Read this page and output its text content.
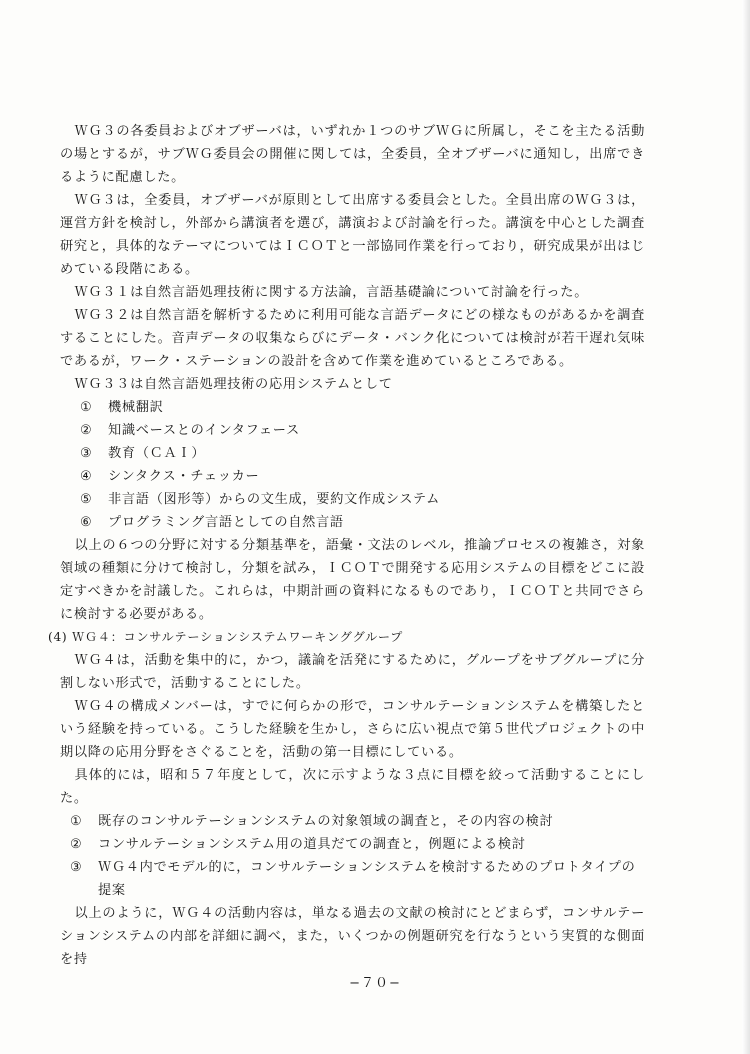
ＷＧ３の各委員およびオブザーバは，いずれか１つのサブＷＧに所属し，そこを主たる活動の場とするが，サブＷＧ委員会の開催に関しては，全委員，全オブザーバに通知し，出席できるように配慮した。

ＷＧ３は，全委員，オブザーバが原則として出席する委員会とした。全員出席のＷＧ３は，運営方針を検討し，外部から講演者を選び，講演および討論を行った。講演を中心とした調査研究と，具体的なテーマについてはＩＣＯＴと一部協同作業を行っており，研究成果が出はじめている段階にある。

ＷＧ３１は自然言語処理技術に関する方法論，言語基礎論について討論を行った。

ＷＧ３２は自然言語を解析するために利用可能な言語データにどの様なものがあるかを調査することにした。音声データの収集ならびにデータ・バンク化については検討が若干遅れ気味であるが，ワーク・ステーションの設計を含めて作業を進めているところである。

ＷＧ３３は自然言語処理技術の応用システムとして

①	機械翻訳
②	知識ベースとのインタフェース
③	教育（ＣＡＩ）
④	シンタクス・チェッカー
⑤	非言語（図形等）からの文生成，要約文作成システム
⑥	プログラミング言語としての自然言語

以上の６つの分野に対する分類基準を，語彙・文法のレベル，推論プロセスの複雑さ，対象領域の種類に分けて検討し，分類を試み，ＩＣＯＴで開発する応用システムの目標をどこに設定すべきかを討議した。これらは，中期計画の資料になるものであり，ＩＣＯＴと共同でさらに検討する必要がある。

(4) ＷＧ４：コンサルテーションシステムワーキンググループ

ＷＧ４は，活動を集中的に，かつ，議論を活発にするために，グループをサブグループに分割しない形式で，活動することにした。

ＷＧ４の構成メンバーは，すでに何らかの形で，コンサルテーションシステムを構築したという経験を持っている。こうした経験を生かし，さらに広い視点で第５世代プロジェクトの中期以降の応用分野をさぐることを，活動の第一目標にしている。

具体的には，昭和５７年度として，次に示すような３点に目標を絞って活動することにした。

①	既存のコンサルテーションシステムの対象領域の調査と，その内容の検討
②	コンサルテーションシステム用の道具だての調査と，例題による検討
③	ＷＧ４内でモデル的に，コンサルテーションシステムを検討するためのプロトタイプの提案

以上のように，ＷＧ４の活動内容は，単なる過去の文献の検討にとどまらず，コンサルテーションシステムの内部を詳細に調べ，また，いくつかの例題研究を行なうという実質的な側面を持

−７０−
